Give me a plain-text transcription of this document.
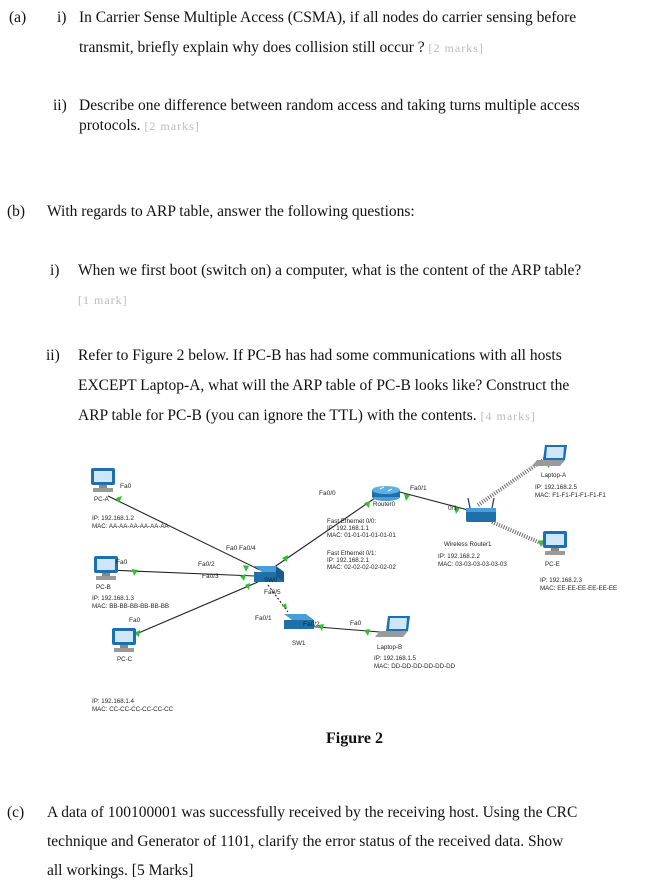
(a) i) In Carrier Sense Multiple Access (CSMA), if all nodes do carrier sensing before
transmit, briefly explain why does collision still occur ? [2 marks]
ii) Describe one difference between random access and taking turns multiple access
protocols. [2 marks]
(b) With regards to ARP table, answer the following questions:
i) When we first boot (switch on) a computer, what is the content of the ARP table?
[1 mark]
ii) Refer to Figure 2 below. If PC-B has had some communications with all hosts
EXCEPT Laptop-A, what will the ARP table of PC-B looks like? Construct the
ARP table for PC-B (you can ignore the TTL) with the contents. [4 marks]
Fa0
PC-A
IP: 192.168.1.2
MAC: AA-AA-AA-AA-AA-AA
Fa0
PC-B
IP: 192.168.1.3
MAC: BB-BB-BB-BB-BB-BB
Fa0
PC-C
IP: 192.168.1.4
MAC: CC-CC-CC-CC-CC-CC
Fa0 Fa0/4
Fa0/2
Fa0/3
SW0
Fa0/5
Fa0/1
Fa0/0
Fa0/1
Router0
Fast Ethernet 0/0:
IP: 192.168.1.1
MAC: 01-01-01-01-01-01
Fast Ethernet 0/1:
IP: 192.168.2.1
MAC: 02-02-02-02-02-02
0/1
Wireless Router1
IP: 192.168.2.2
MAC: 03-03-03-03-03-03
Laptop-A
IP: 192.168.2.5
MAC: F1-F1-F1-F1-F1-F1
PC-E
IP: 192.168.2.3
MAC: EE-EE-EE-EE-EE-EE
Fa0/2	Fa0
SW1
Laptop-B
IP: 192.168.1.5
MAC: DD-DD-DD-DD-DD-DD
Figure 2
(c) A data of 100100001 was successfully received by the receiving host. Using the CRC
technique and Generator of 1101, clarify the error status of the received data. Show
all workings. [5 Marks]
